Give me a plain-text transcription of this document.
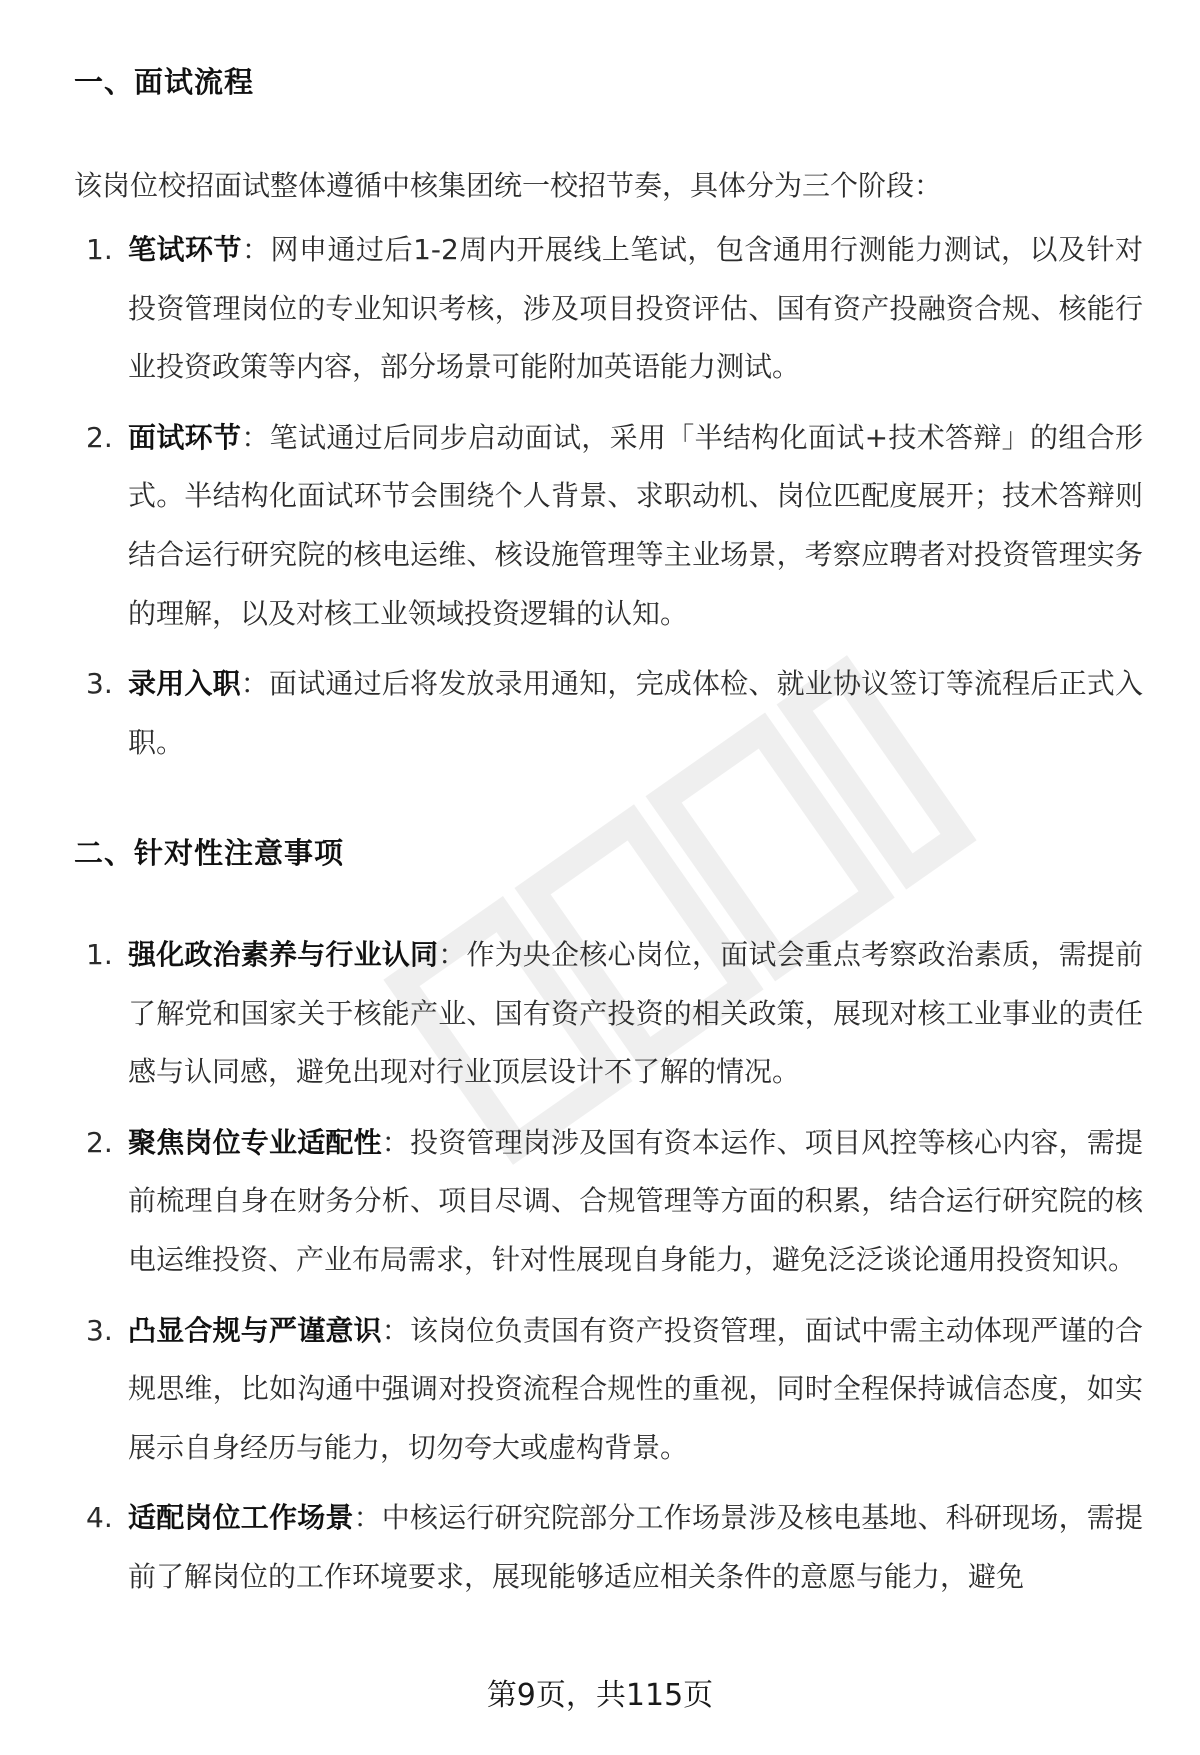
一、面试流程
该岗位校招面试整体遵循中核集团统一校招节奏，具体分为三个阶段：
1. 笔试环节：网申通过后1-2周内开展线上笔试，包含通用行测能力测试，以及针对投资管理岗位的专业知识考核，涉及项目投资评估、国有资产投融资合规、核能行业投资政策等内容，部分场景可能附加英语能力测试。
2. 面试环节：笔试通过后同步启动面试，采用「半结构化面试+技术答辩」的组合形式。半结构化面试环节会围绕个人背景、求职动机、岗位匹配度展开；技术答辩则结合运行研究院的核电运维、核设施管理等主业场景，考察应聘者对投资管理实务的理解，以及对核工业领域投资逻辑的认知。
3. 录用入职：面试通过后将发放录用通知，完成体检、就业协议签订等流程后正式入职。
二、针对性注意事项
1. 强化政治素养与行业认同：作为央企核心岗位，面试会重点考察政治素质，需提前了解党和国家关于核能产业、国有资产投资的相关政策，展现对核工业事业的责任感与认同感，避免出现对行业顶层设计不了解的情况。
2. 聚焦岗位专业适配性：投资管理岗涉及国有资本运作、项目风控等核心内容，需提前梳理自身在财务分析、项目尽调、合规管理等方面的积累，结合运行研究院的核电运维投资、产业布局需求，针对性展现自身能力，避免泛泛谈论通用投资知识。
3. 凸显合规与严谨意识：该岗位负责国有资产投资管理，面试中需主动体现严谨的合规思维，比如沟通中强调对投资流程合规性的重视，同时全程保持诚信态度，如实展示自身经历与能力，切勿夸大或虚构背景。
4. 适配岗位工作场景：中核运行研究院部分工作场景涉及核电基地、科研现场，需提前了解岗位的工作环境要求，展现能够适应相关条件的意愿与能力，避免
第9页，共115页
